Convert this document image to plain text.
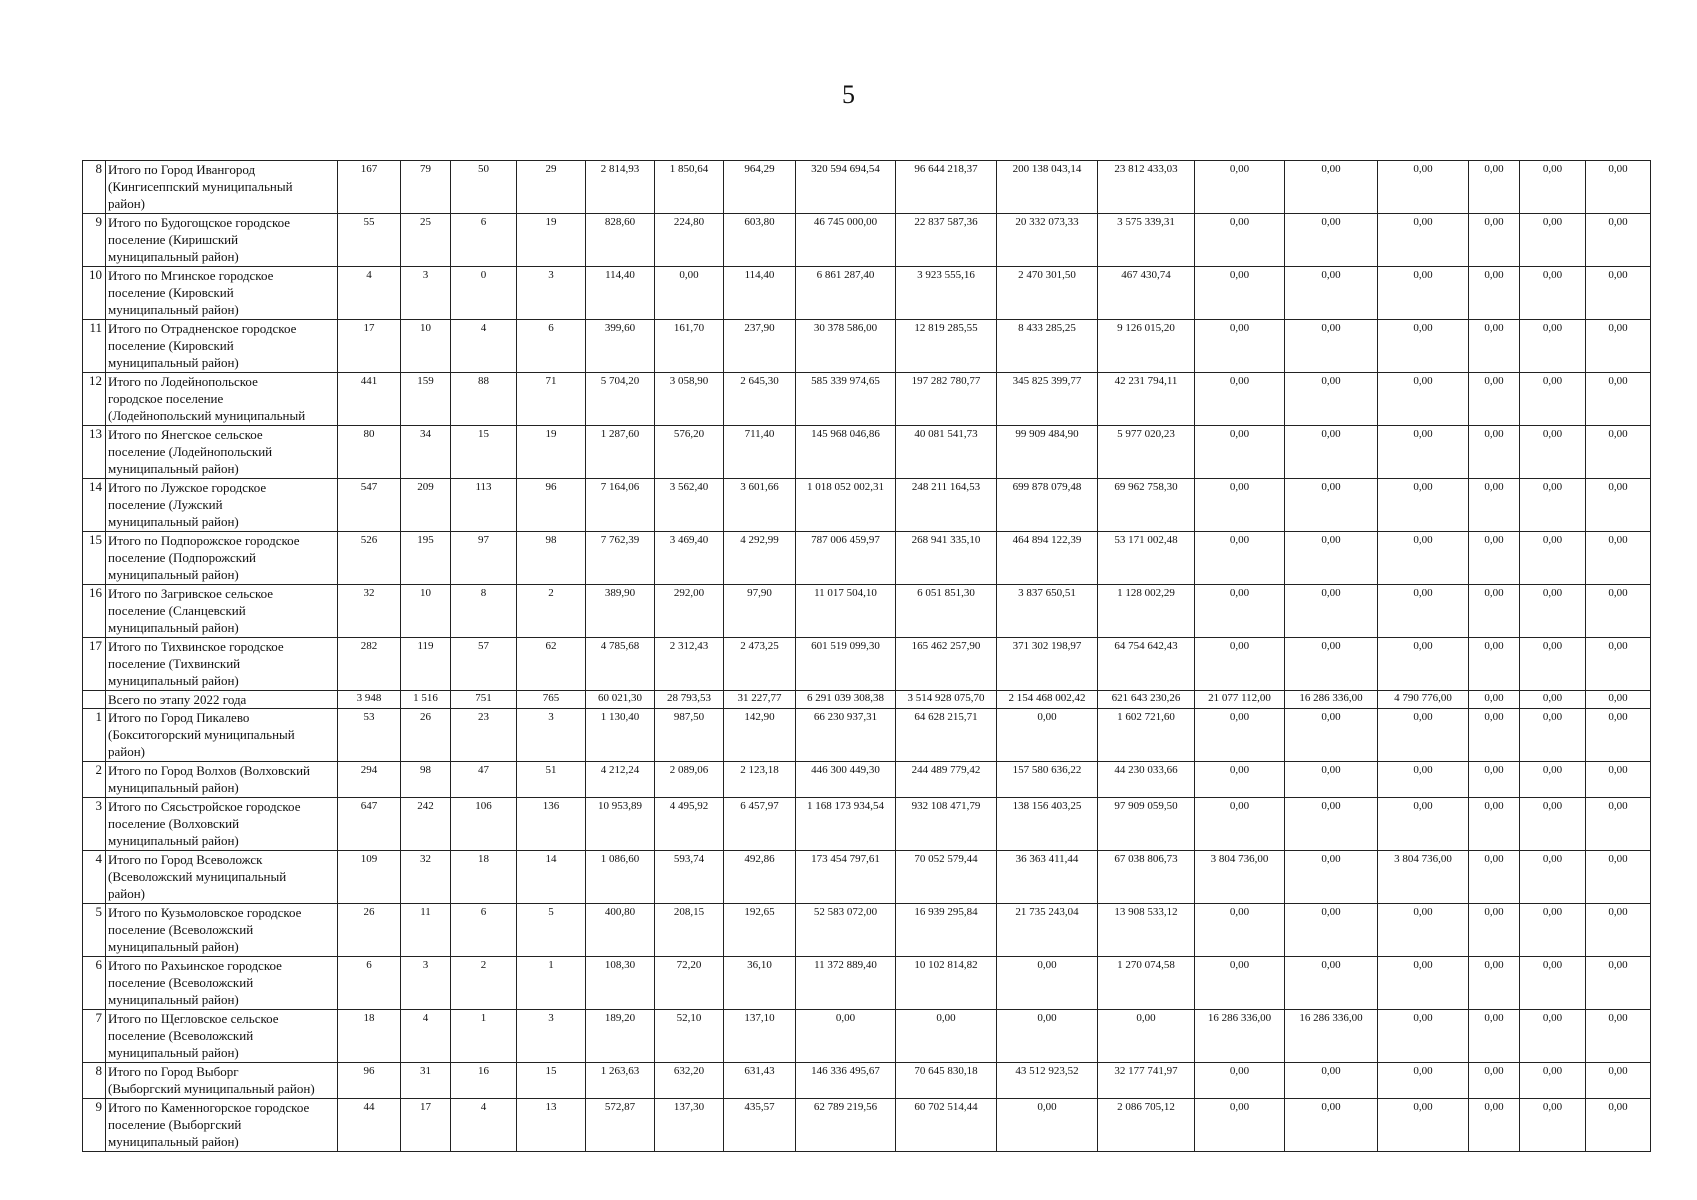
5
8	Итого по Город Ивангород
(Кингисеппский муниципальный
район)	167	79	50	29	2 814,93	1 850,64	964,29	320 594 694,54	96 644 218,37	200 138 043,14	23 812 433,03	0,00	0,00	0,00	0,00	0,00	0,00
9	Итого по Будогощское городское
поселение (Киришский
муниципальный район)	55	25	6	19	828,60	224,80	603,80	46 745 000,00	22 837 587,36	20 332 073,33	3 575 339,31	0,00	0,00	0,00	0,00	0,00	0,00
10	Итого по Мгинское городское
поселение (Кировский
муниципальный район)	4	3	0	3	114,40	0,00	114,40	6 861 287,40	3 923 555,16	2 470 301,50	467 430,74	0,00	0,00	0,00	0,00	0,00	0,00
11	Итого по Отрадненское городское
поселение (Кировский
муниципальный район)	17	10	4	6	399,60	161,70	237,90	30 378 586,00	12 819 285,55	8 433 285,25	9 126 015,20	0,00	0,00	0,00	0,00	0,00	0,00
12	Итого по Лодейнопольское
городское поселение
(Лодейнопольский муниципальный	441	159	88	71	5 704,20	3 058,90	2 645,30	585 339 974,65	197 282 780,77	345 825 399,77	42 231 794,11	0,00	0,00	0,00	0,00	0,00	0,00
13	Итого по Янегское сельское
поселение (Лодейнопольский
муниципальный район)	80	34	15	19	1 287,60	576,20	711,40	145 968 046,86	40 081 541,73	99 909 484,90	5 977 020,23	0,00	0,00	0,00	0,00	0,00	0,00
14	Итого по Лужское городское
поселение (Лужский
муниципальный район)	547	209	113	96	7 164,06	3 562,40	3 601,66	1 018 052 002,31	248 211 164,53	699 878 079,48	69 962 758,30	0,00	0,00	0,00	0,00	0,00	0,00
15	Итого по Подпорожское городское
поселение (Подпорожский
муниципальный район)	526	195	97	98	7 762,39	3 469,40	4 292,99	787 006 459,97	268 941 335,10	464 894 122,39	53 171 002,48	0,00	0,00	0,00	0,00	0,00	0,00
16	Итого по Загривское сельское
поселение (Сланцевский
муниципальный район)	32	10	8	2	389,90	292,00	97,90	11 017 504,10	6 051 851,30	3 837 650,51	1 128 002,29	0,00	0,00	0,00	0,00	0,00	0,00
17	Итого по Тихвинское городское
поселение (Тихвинский
муниципальный район)	282	119	57	62	4 785,68	2 312,43	2 473,25	601 519 099,30	165 462 257,90	371 302 198,97	64 754 642,43	0,00	0,00	0,00	0,00	0,00	0,00

	Всего по этапу 2022 года	3 948	1 516	751	765	60 021,30	28 793,53	31 227,77	6 291 039 308,38	3 514 928 075,70	2 154 468 002,42	621 643 230,26	21 077 112,00	16 286 336,00	4 790 776,00	0,00	0,00	0,00
1	Итого по Город Пикалево
(Бокситогорский муниципальный
район)	53	26	23	3	1 130,40	987,50	142,90	66 230 937,31	64 628 215,71	0,00	1 602 721,60	0,00	0,00	0,00	0,00	0,00	0,00
2	Итого по Город Волхов (Волховский
муниципальный район)	294	98	47	51	4 212,24	2 089,06	2 123,18	446 300 449,30	244 489 779,42	157 580 636,22	44 230 033,66	0,00	0,00	0,00	0,00	0,00	0,00
3	Итого по Сясьстройское городское
поселение (Волховский
муниципальный район)	647	242	106	136	10 953,89	4 495,92	6 457,97	1 168 173 934,54	932 108 471,79	138 156 403,25	97 909 059,50	0,00	0,00	0,00	0,00	0,00	0,00
4	Итого по Город Всеволожск
(Всеволожский муниципальный
район)	109	32	18	14	1 086,60	593,74	492,86	173 454 797,61	70 052 579,44	36 363 411,44	67 038 806,73	3 804 736,00	0,00	3 804 736,00	0,00	0,00	0,00
5	Итого по Кузьмоловское городское
поселение (Всеволожский
муниципальный район)	26	11	6	5	400,80	208,15	192,65	52 583 072,00	16 939 295,84	21 735 243,04	13 908 533,12	0,00	0,00	0,00	0,00	0,00	0,00
6	Итого по Рахьинское городское
поселение (Всеволожский
муниципальный район)	6	3	2	1	108,30	72,20	36,10	11 372 889,40	10 102 814,82	0,00	1 270 074,58	0,00	0,00	0,00	0,00	0,00	0,00
7	Итого по Щегловское сельское
поселение (Всеволожский
муниципальный район)	18	4	1	3	189,20	52,10	137,10	0,00	0,00	0,00	0,00	16 286 336,00	16 286 336,00	0,00	0,00	0,00	0,00
8	Итого по Город Выборг
(Выборгский муниципальный район)	96	31	16	15	1 263,63	632,20	631,43	146 336 495,67	70 645 830,18	43 512 923,52	32 177 741,97	0,00	0,00	0,00	0,00	0,00	0,00
9	Итого по Каменногорское городское
поселение (Выборгский
муниципальный район)	44	17	4	13	572,87	137,30	435,57	62 789 219,56	60 702 514,44	0,00	2 086 705,12	0,00	0,00	0,00	0,00	0,00	0,00
